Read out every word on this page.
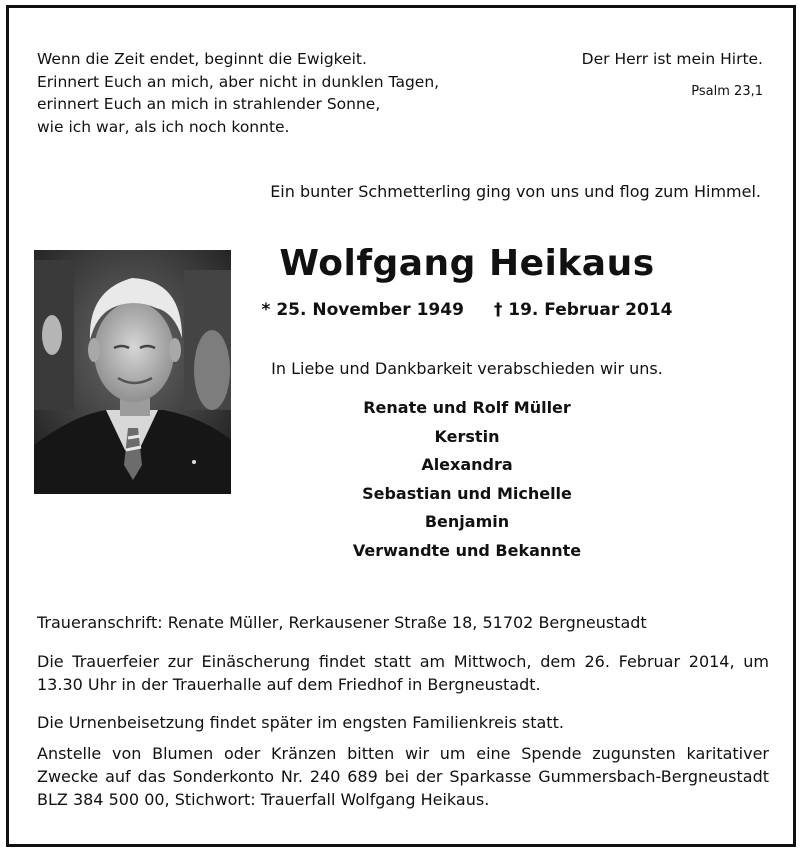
Wenn die Zeit endet, beginnt die Ewigkeit.
Erinnert Euch an mich, aber nicht in dunklen Tagen,
erinnert Euch an mich in strahlender Sonne,
wie ich war, als ich noch konnte.
Der Herr ist mein Hirte.
Psalm 23,1
Ein bunter Schmetterling ging von uns und flog zum Himmel.
Wolfgang Heikaus
* 25. November 1949 † 19. Februar 2014
In Liebe und Dankbarkeit verabschieden wir uns.
Renate und Rolf Müller
Kerstin
Alexandra
Sebastian und Michelle
Benjamin
Verwandte und Bekannte
Traueranschrift: Renate Müller, Rerkausener Straße 18, 51702 Bergneustadt
Die Trauerfeier zur Einäscherung findet statt am Mittwoch, dem 26. Februar 2014, um 13.30 Uhr in der Trauerhalle auf dem Friedhof in Bergneustadt.
Die Urnenbeisetzung findet später im engsten Familienkreis statt.
Anstelle von Blumen oder Kränzen bitten wir um eine Spende zugunsten karitativer Zwecke auf das Sonderkonto Nr. 240 689 bei der Sparkasse Gummersbach-Bergneustadt BLZ 384 500 00, Stichwort: Trauerfall Wolfgang Heikaus.
